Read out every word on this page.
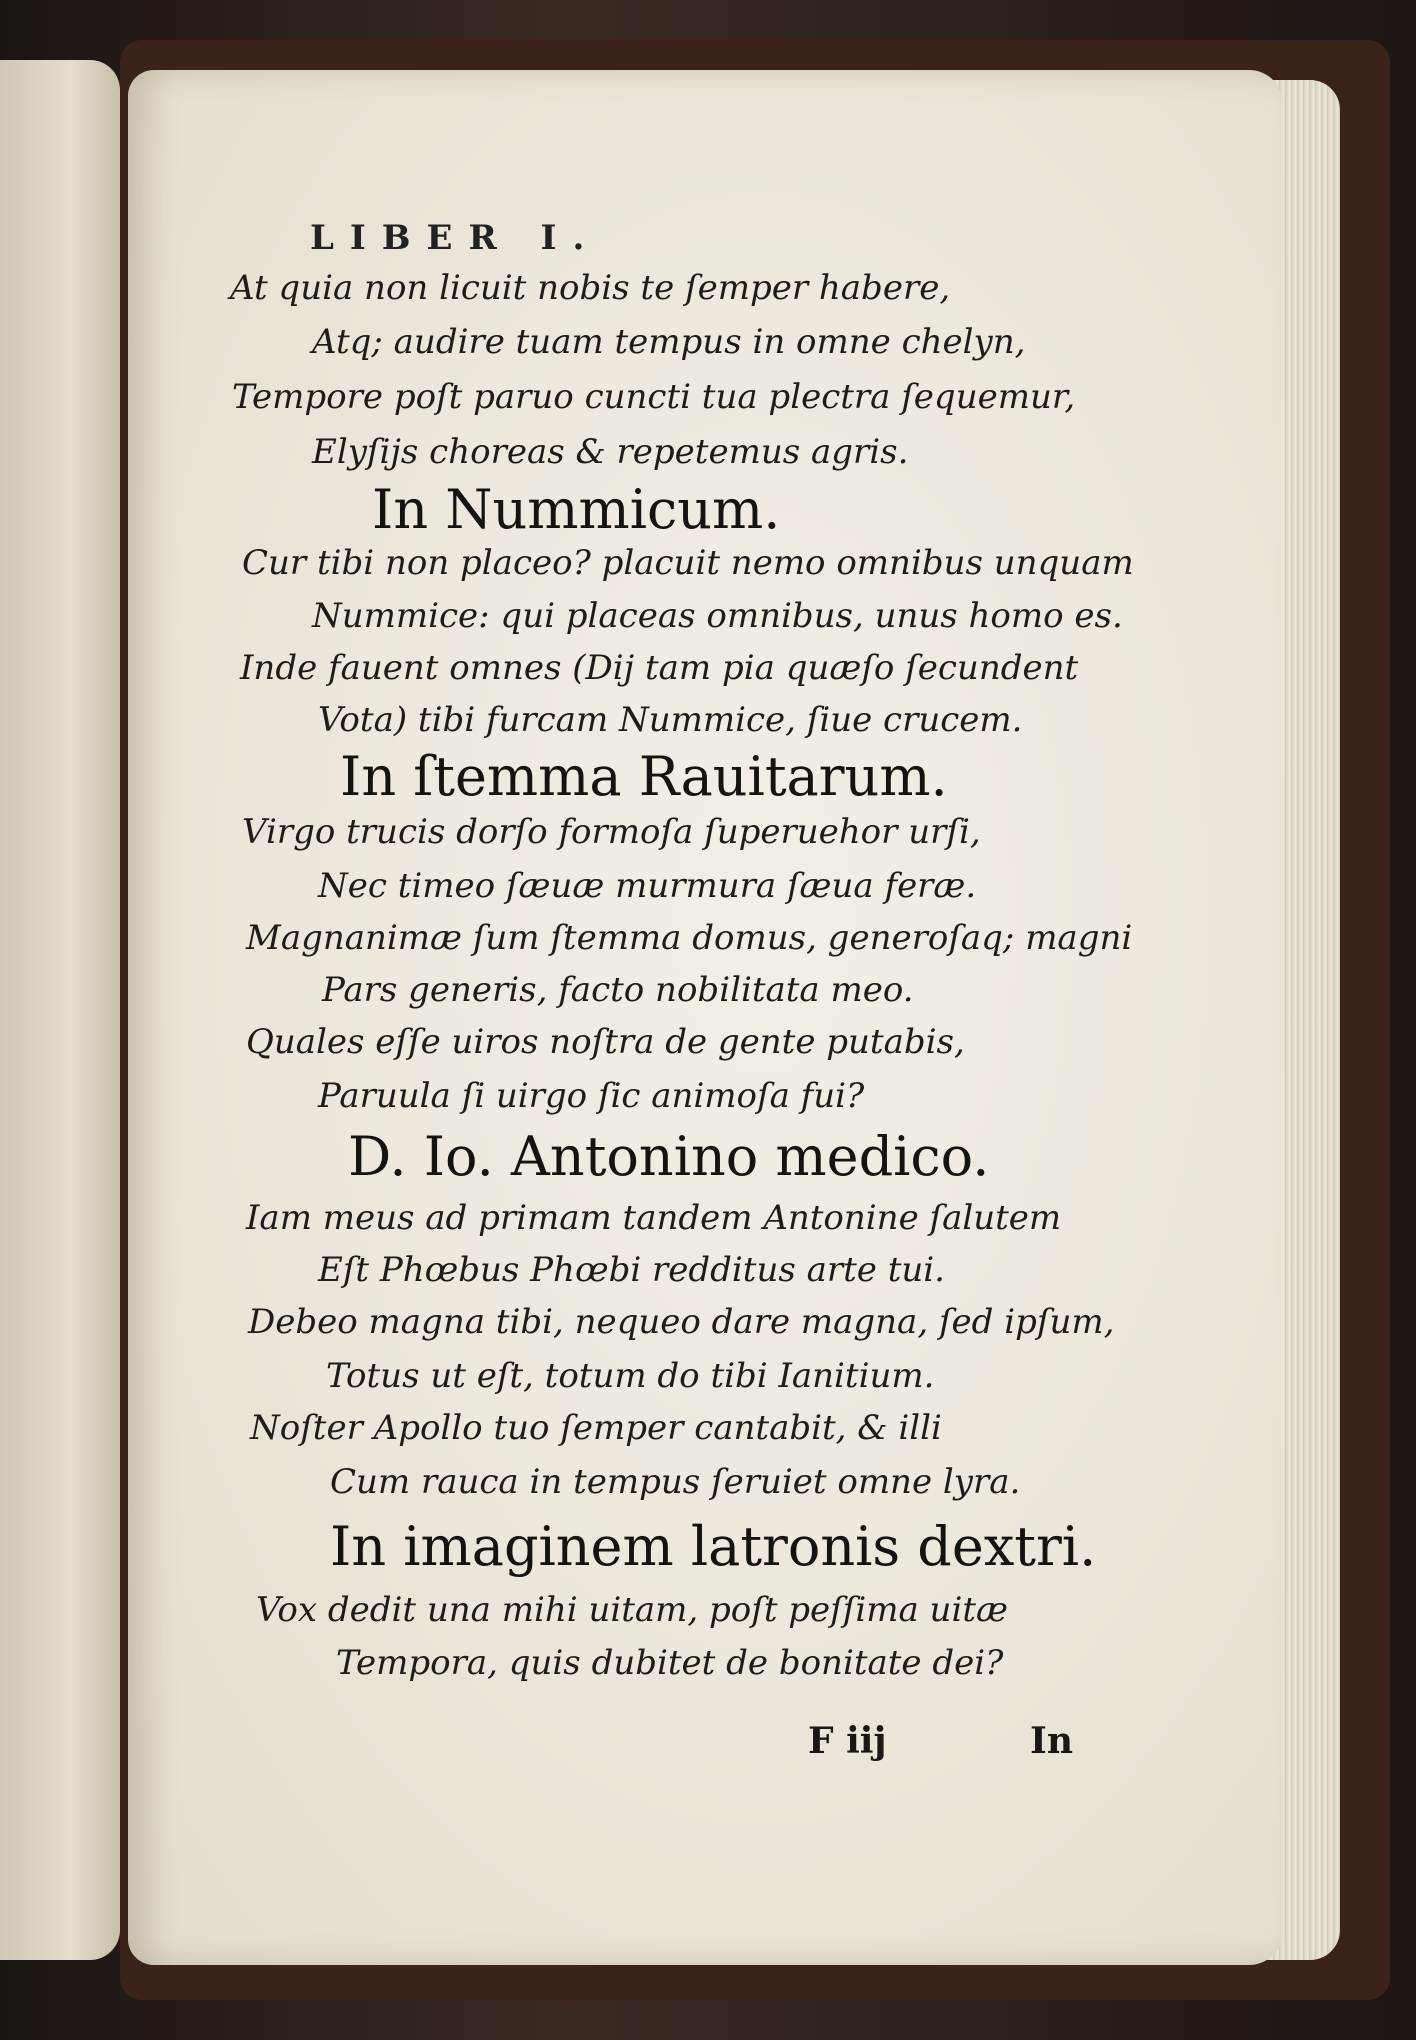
LIBER I.
At quia non licuit nobis te ſemper habere,
Atq; audire tuam tempus in omne chelyn,
Tempore poſt paruo cuncti tua plectra ſequemur,
Elyſijs choreas & repetemus agris.
In Nummicum.
Cur tibi non placeo? placuit nemo omnibus unquam
Nummice: qui placeas omnibus, unus homo es.
Inde fauent omnes (Dij tam pia quæſo ſecundent
Vota) tibi furcam Nummice, ſiue crucem.
In ſtemma Rauitarum.
Virgo trucis dorſo formoſa ſuperuehor urſi,
Nec timeo ſæuæ murmura ſæua feræ.
Magnanimæ ſum ſtemma domus, generoſaq; magni
Pars generis, facto nobilitata meo.
Quales eſſe uiros noſtra de gente putabis,
Paruula ſi uirgo ſic animoſa fui?
D. Io. Antonino medico.
Iam meus ad primam tandem Antonine ſalutem
Eſt Phœbus Phœbi redditus arte tui.
Debeo magna tibi, nequeo dare magna, ſed ipſum,
Totus ut eſt, totum do tibi Ianitium.
Noſter Apollo tuo ſemper cantabit, & illi
Cum rauca in tempus ſeruiet omne lyra.
In imaginem latronis dextri.
Vox dedit una mihi uitam, poſt peſſima uitæ
Tempora, quis dubitet de bonitate dei?
F iij	In
